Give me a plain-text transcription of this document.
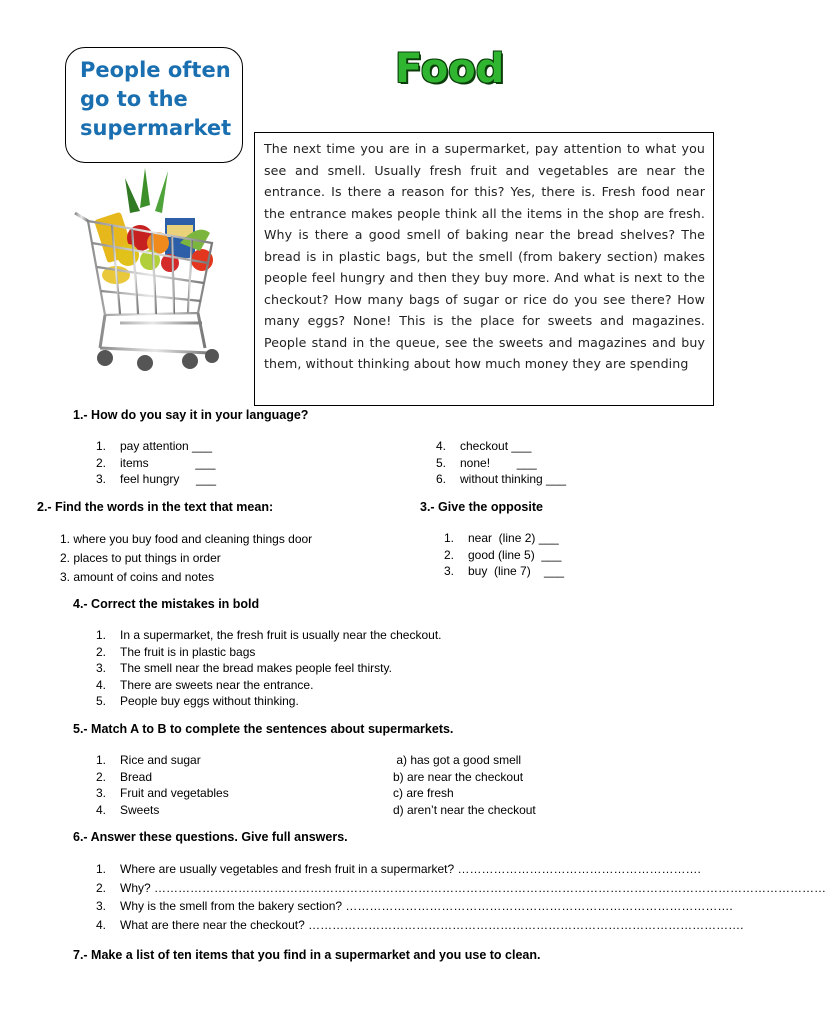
People often go to the supermarket
Food
The next time you are in a supermarket, pay attention to what you see and smell. Usually fresh fruit and vegetables are near the entrance. Is there a reason for this? Yes, there is. Fresh food near the entrance makes people think all the items in the shop are fresh. Why is there a good smell of baking near the bread shelves? The bread is in plastic bags, but the smell (from bakery section) makes people feel hungry and then they buy more. And what is next to the checkout? How many bags of sugar or rice do you see there? How many eggs? None! This is the place for sweets and magazines. People stand in the queue, see the sweets and magazines and buy them, without thinking about how much money they are spending
1.- How do you say it in your language?
1. pay attention ___
2. items              ___
3. feel hungry     ___
4. checkout ___
5. none!        ___
6. without thinking ___
2.- Find the words in the text that mean:
1. where you buy food and cleaning things door
2. places to put things in order
3. amount of coins and notes
3.- Give the opposite
1. near  (line 2) ___
2. good (line 5)  ___
3. buy  (line 7)    ___
4.- Correct the mistakes in bold
1. In a supermarket, the fresh fruit is usually near the checkout.
2. The fruit is in plastic bags
3. The smell near the bread makes people feel thirsty.
4. There are sweets near the entrance.
5. People buy eggs without thinking.
5.- Match A to B to complete the sentences about supermarkets.
1. Rice and sugar
2. Bread
3. Fruit and vegetables
4. Sweets
a) has got a good smell
b) are near the checkout
c) are fresh
d) aren’t near the checkout
6.- Answer these questions. Give full answers.
1. Where are usually vegetables and fresh fruit in a supermarket? …………………………………………………….
2. Why? ……………………………………………………………………………………………………………………………………………………
3. Why is the smell from the bakery section? …………………………………………………………………………………….
4. What are there near the checkout? ……………………………………………………………………………………………….
7.- Make a list of ten items that you find in a supermarket and you use to clean.
